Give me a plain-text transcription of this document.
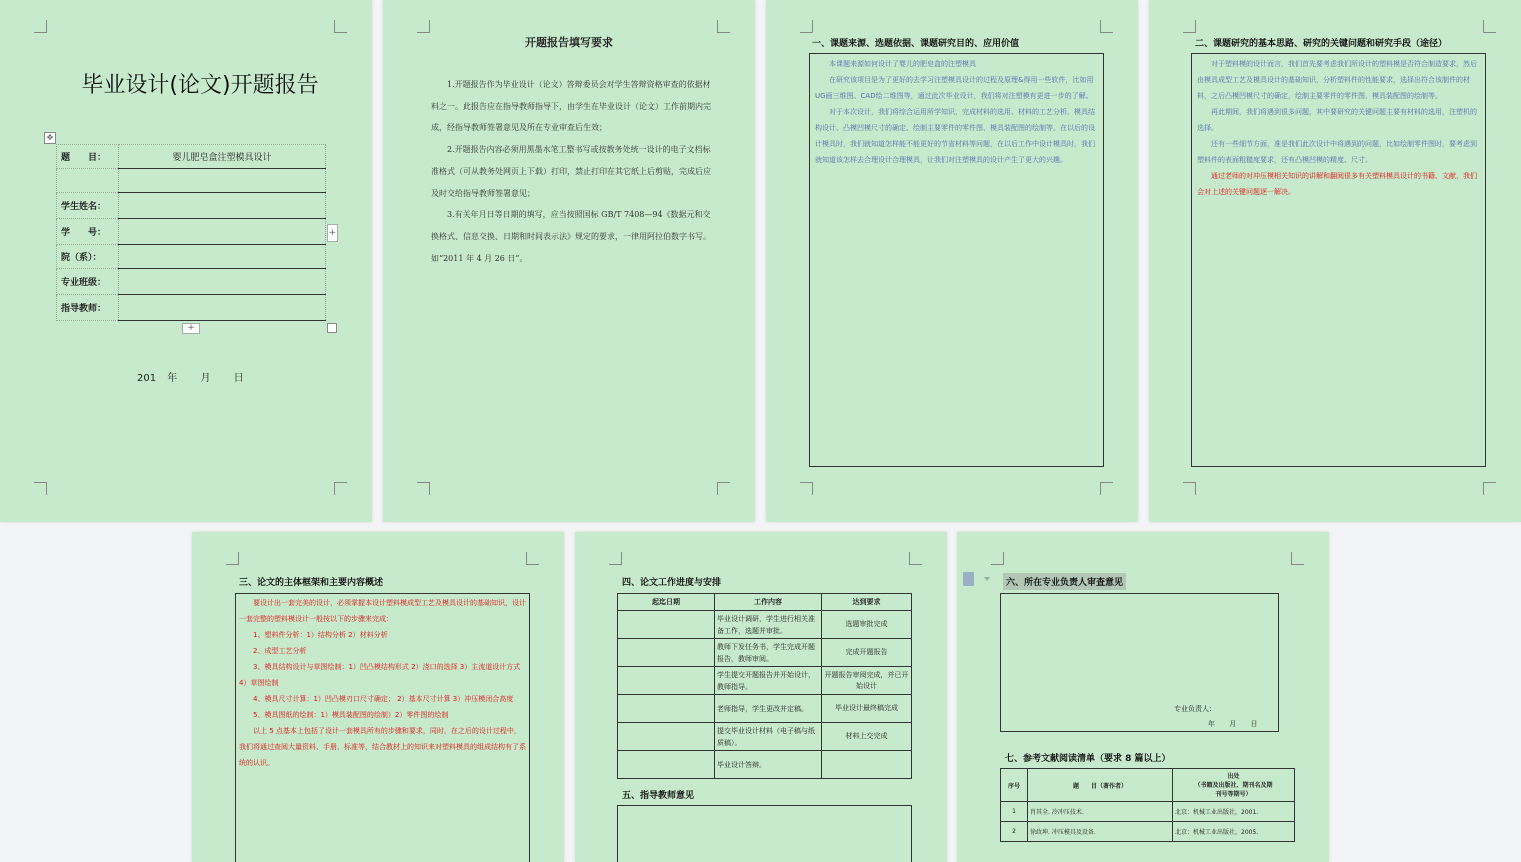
毕业设计(论文)开题报告
✥
题　　目：	婴儿肥皂盒注塑模具设计

学生姓名：	
学　　号：	
院（系）：	
专业班级：	
指导教师：	
+
+
201 年 月 日
开题报告填写要求
1.开题报告作为毕业设计（论文）答辩委员会对学生答辩资格审查的依据材料之一。此报告应在指导教师指导下，由学生在毕业设计（论文）工作前期内完成，经指导教师签署意见及所在专业审查后生效；
2.开题报告内容必须用黑墨水笔工整书写或按教务处统一设计的电子文档标准格式（可从教务处网页上下载）打印，禁止打印在其它纸上后剪贴，完成后应及时交给指导教师签署意见；
3.有关年月日等日期的填写，应当按照国标 GB/T 7408—94《数据元和交换格式、信息交换、日期和时间表示法》规定的要求，一律用阿拉伯数字书写。如“2011 年 4 月 26 日”。
一、课题来源、选题依据、课题研究目的、应用价值
本课题来源如何设计了婴儿的肥皂盒的注塑模具
在研究该项目是为了更好的去学习注塑模具设计的过程及原理&得用一些软件，比如用UG画三维图、CAD绘二维图等，通过此次毕业设计，我们将对注塑模有更进一步的了解。
对于本次设计，我们将综合运用所学知识，完成材料的选用、材料的工艺分析、模具结构设计、凸模凹模尺寸的确定、绘制主要零件的零件图、模具装配图的绘制等。在以后的设计模具时，我们就知道怎样能不能更好的节省材料等问题，在以后工作中设计模具时，我们就知道该怎样去合理设计合理模具，让我们对注塑模具的设计产生了更大的兴趣。
二、课题研究的基本思路、研究的关键问题和研究手段（途径）
对于塑料模的设计而言，我们首先要考虑我们所设计的塑料模是否符合制造要求，然后由模具成型工艺及模具设计的基础知识，分析塑料件的性能要求，选择出符合该制件的材料，之后凸模凹模尺寸的确定，绘制主要零件的零件图、模具装配图的绘制等。
再此期间，我们将遇到很多问题，其中要研究的关键问题主要有材料的选用，注塑机的选择。
还有一些细节方面，准是我们此次设计中将遇到的问题，比如绘制零件图时，要考虑到塑料件的表面粗糙度要求，还有凸模凹模的精度、尺寸。
通过老师的对冲压模相关知识的讲解和翻阅很多有关塑料模具设计的书籍、文献，我们会对上述的关键问题逐一解决。
三、论文的主体框架和主要内容概述
要设计出一套完美的设计，必须掌握本设计塑料模成型工艺及模具设计的基础知识，设计一套完整的塑料模设计一般按以下的步骤来完成：
1、塑料件分析：1）结构分析 2）材料分析
2、成型工艺分析
3、模具结构设计与草图绘制：1）凹凸模结构形式 2）浇口的选择 3）主流道设计方式 4）草图绘制
4、模具尺寸计算：1）凹凸模刃口尺寸确定； 2）基本尺寸计算 3）冲压模闭合高度
5、模具图纸的绘制：1）模具装配图的绘制）2）零件图的绘制
以上 5 点基本上包括了设计一套模具所有的步骤和要求，同时，在之后的设计过程中，我们将通过查阅大量资料、手册、标准等，结合教材上的知识来对塑料模具的组成结构有了系统的认识。
四、论文工作进度与安排
起迄日期	工作内容	达到要求
	毕业设计调研，学生进行相关准备工作，选题并审批。	选题审批完成
	教师下发任务书，学生完成开题报告，教师审阅。	完成开题报告
	学生提交开题报告并开始设计，教师指导。	开题报告审阅完成，并已开始设计
	老师指导，学生更改并定稿。	毕业设计最终稿完成
	提交毕业设计材料（电子稿与纸质稿）。	材料上交完成
	毕业设计答辩。	
五、指导教师意见
六、所在专业负责人审查意见
专业负责人：
年 月 日
七、参考文献阅读清单（要求 8 篇以上）
序号	题　　目（著作者）	出处
（书籍及出版社、期刊名及期
刊号等期号）

1	肖其全. 冷冲压技术.	北京：机械工业出版社，2001.
2	徐政坤. 冲压模具及设备.	北京：机械工业出版社，2005.
